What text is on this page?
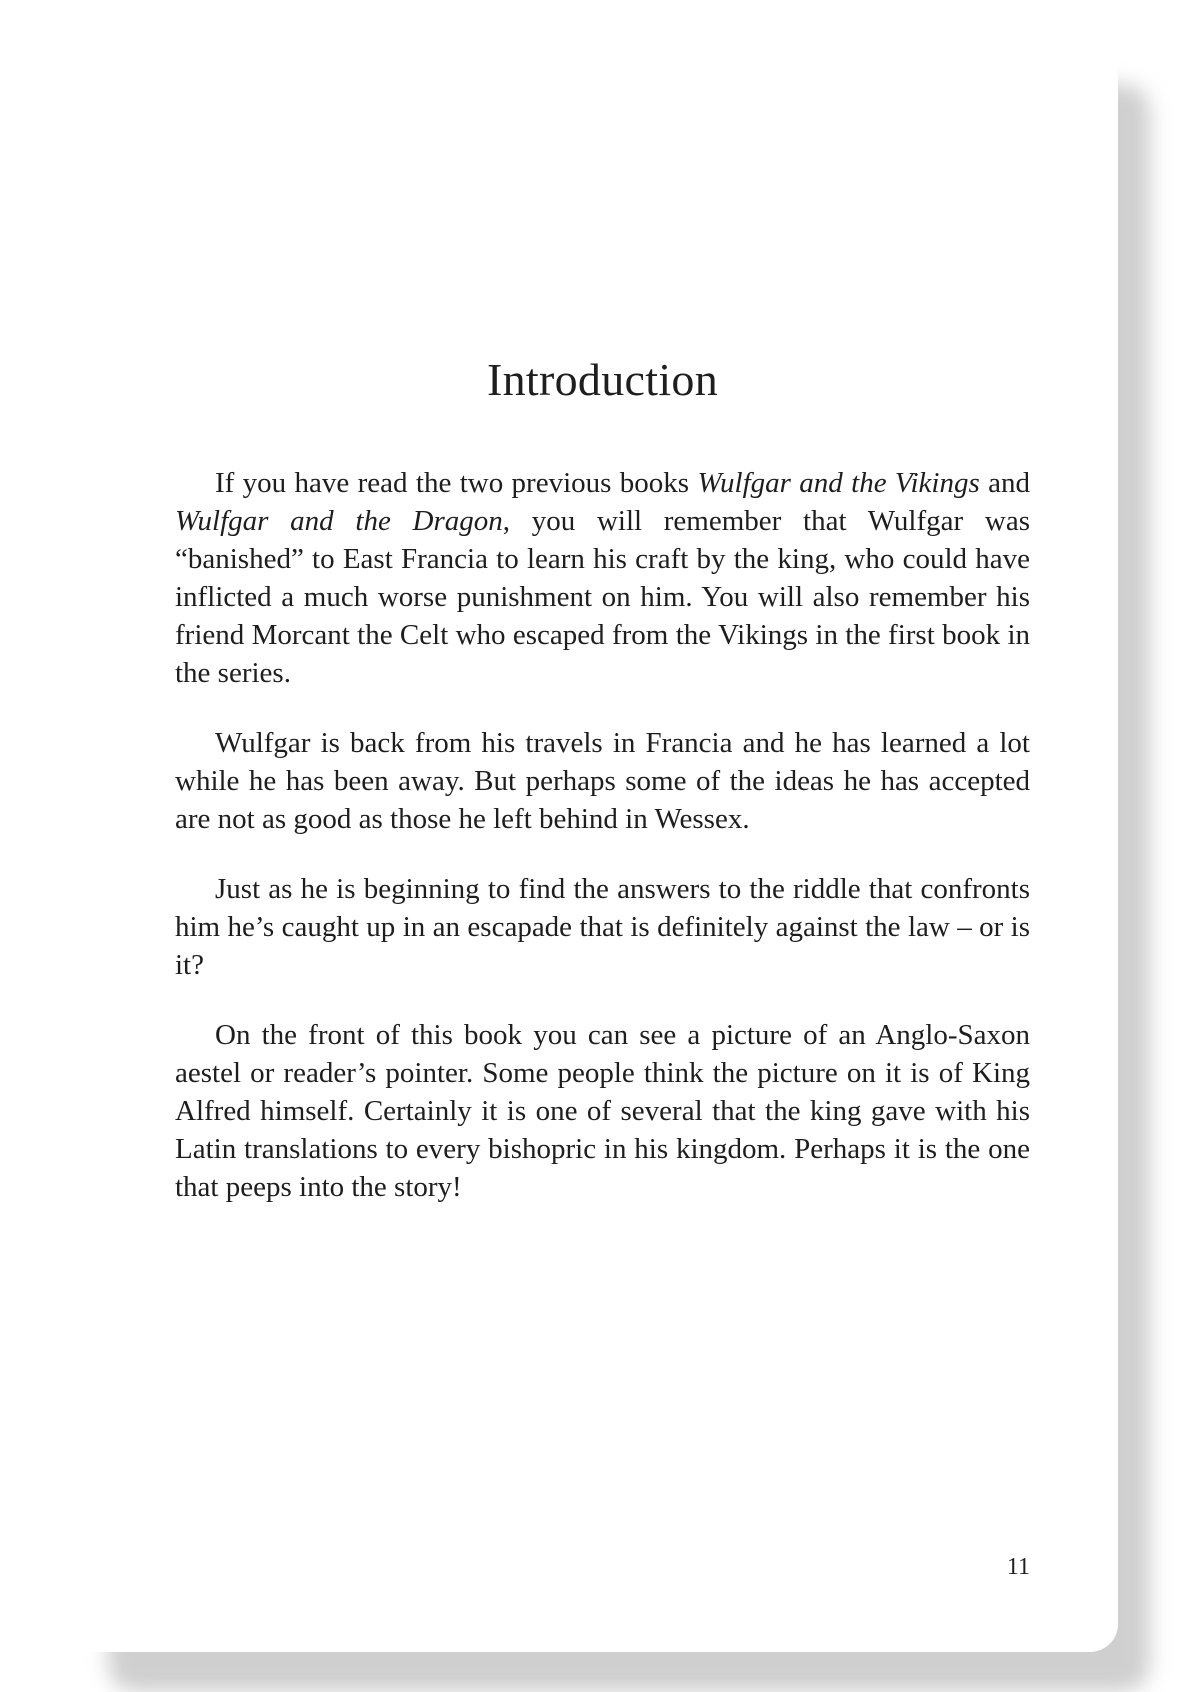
Introduction

If you have read the two previous books Wulfgar and the Vikings and Wulfgar and the Dragon, you will remember that Wulfgar was “banished” to East Francia to learn his craft by the king, who could have inflicted a much worse punishment on him. You will also remember his friend Morcant the Celt who escaped from the Vikings in the first book in the series.

Wulfgar is back from his travels in Francia and he has learned a lot while he has been away. But perhaps some of the ideas he has accepted are not as good as those he left behind in Wessex.

Just as he is beginning to find the answers to the riddle that confronts him he’s caught up in an escapade that is definitely against the law – or is it?

On the front of this book you can see a picture of an Anglo-Saxon aestel or reader’s pointer. Some people think the picture on it is of King Alfred himself. Certainly it is one of several that the king gave with his Latin translations to every bishopric in his kingdom. Perhaps it is the one that peeps into the story!

11
